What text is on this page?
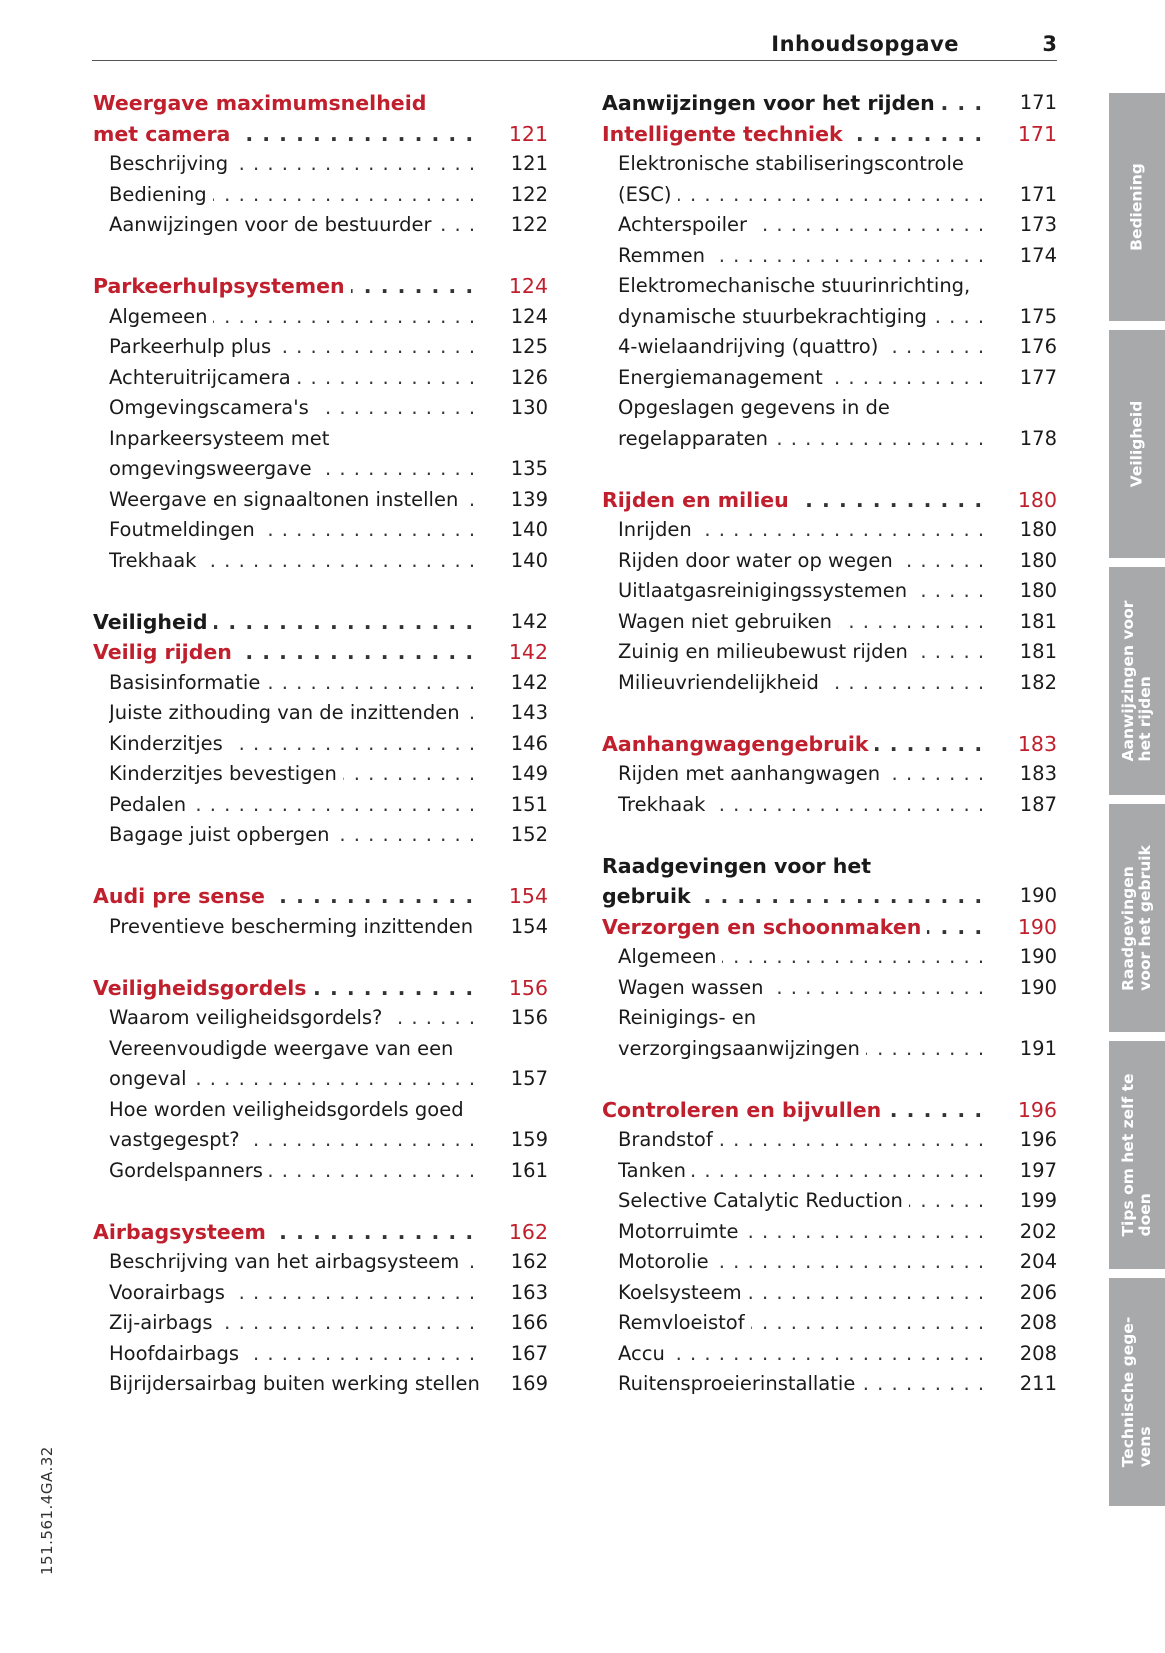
Inhoudsopgave	3
Weergave maximumsnelheid
met camera . . .	121
Beschrijving . . .	121
Bediening . . .	122
Aanwijzingen voor de bestuurder . . .	122
Parkeerhulpsystemen . . .	124
Algemeen . . .	124
Parkeerhulp plus . . .	125
Achteruitrijcamera . . .	126
Omgevingscamera's . . .	130
Inparkeersysteem met
omgevingsweergave . . .	135
Weergave en signaaltonen instellen . . .	139
Foutmeldingen . . .	140
Trekhaak . . .	140
Veiligheid . . .	142
Veilig rijden . . .	142
Basisinformatie . . .	142
Juiste zithouding van de inzittenden . . .	143
Kinderzitjes . . .	146
Kinderzitjes bevestigen . . .	149
Pedalen . . .	151
Bagage juist opbergen . . .	152
Audi pre sense . . .	154
Preventieve bescherming inzittenden . . .	154
Veiligheidsgordels . . .	156
Waarom veiligheidsgordels? . . .	156
Vereenvoudigde weergave van een
ongeval . . .	157
Hoe worden veiligheidsgordels goed
vastgegespt? . . .	159
Gordelspanners . . .	161
Airbagsysteem . . .	162
Beschrijving van het airbagsysteem . . .	162
Voorairbags . . .	163
Zij-airbags . . .	166
Hoofdairbags . . .	167
Bijrijdersairbag buiten werking stellen 169
Aanwijzingen voor het rijden . . .	171
Intelligente techniek . . .	171
Elektronische stabiliseringscontrole
(ESC) . . .	171
Achterspoiler . . .	173
Remmen . . .	174
Elektromechanische stuurinrichting,
dynamische stuurbekrachtiging . . .	175
4-wielaandrijving (quattro) . . .	176
Energiemanagement . . .	177
Opgeslagen gegevens in de
regelapparaten . . .	178
Rijden en milieu . . .	180
Inrijden . . .	180
Rijden door water op wegen . . .	180
Uitlaatgasreinigingssystemen . . .	180
Wagen niet gebruiken . . .	181
Zuinig en milieubewust rijden . . .	181
Milieuvriendelijkheid . . .	182
Aanhangwagengebruik . . .	183
Rijden met aanhangwagen . . .	183
Trekhaak . . .	187
Raadgevingen voor het
gebruik . . .	190
Verzorgen en schoonmaken . . .	190
Algemeen . . .	190
Wagen wassen . . .	190
Reinigings- en
verzorgingsaanwijzingen . . .	191
Controleren en bijvullen . . .	196
Brandstof . . .	196
Tanken . . .	197
Selective Catalytic Reduction . . .	199
Motorruimte . . .	202
Motorolie . . .	204
Koelsysteem . . .	206
Remvloeistof . . .	208
Accu . . .	208
Ruitensproeierinstallatie . . .	211
Bediening
Veiligheid
Aanwijzingen voor
het rijden
Raadgevingen
voor het gebruik
Tips om het zelf te
doen
Technische gege-
vens
151.561.4GA.32
